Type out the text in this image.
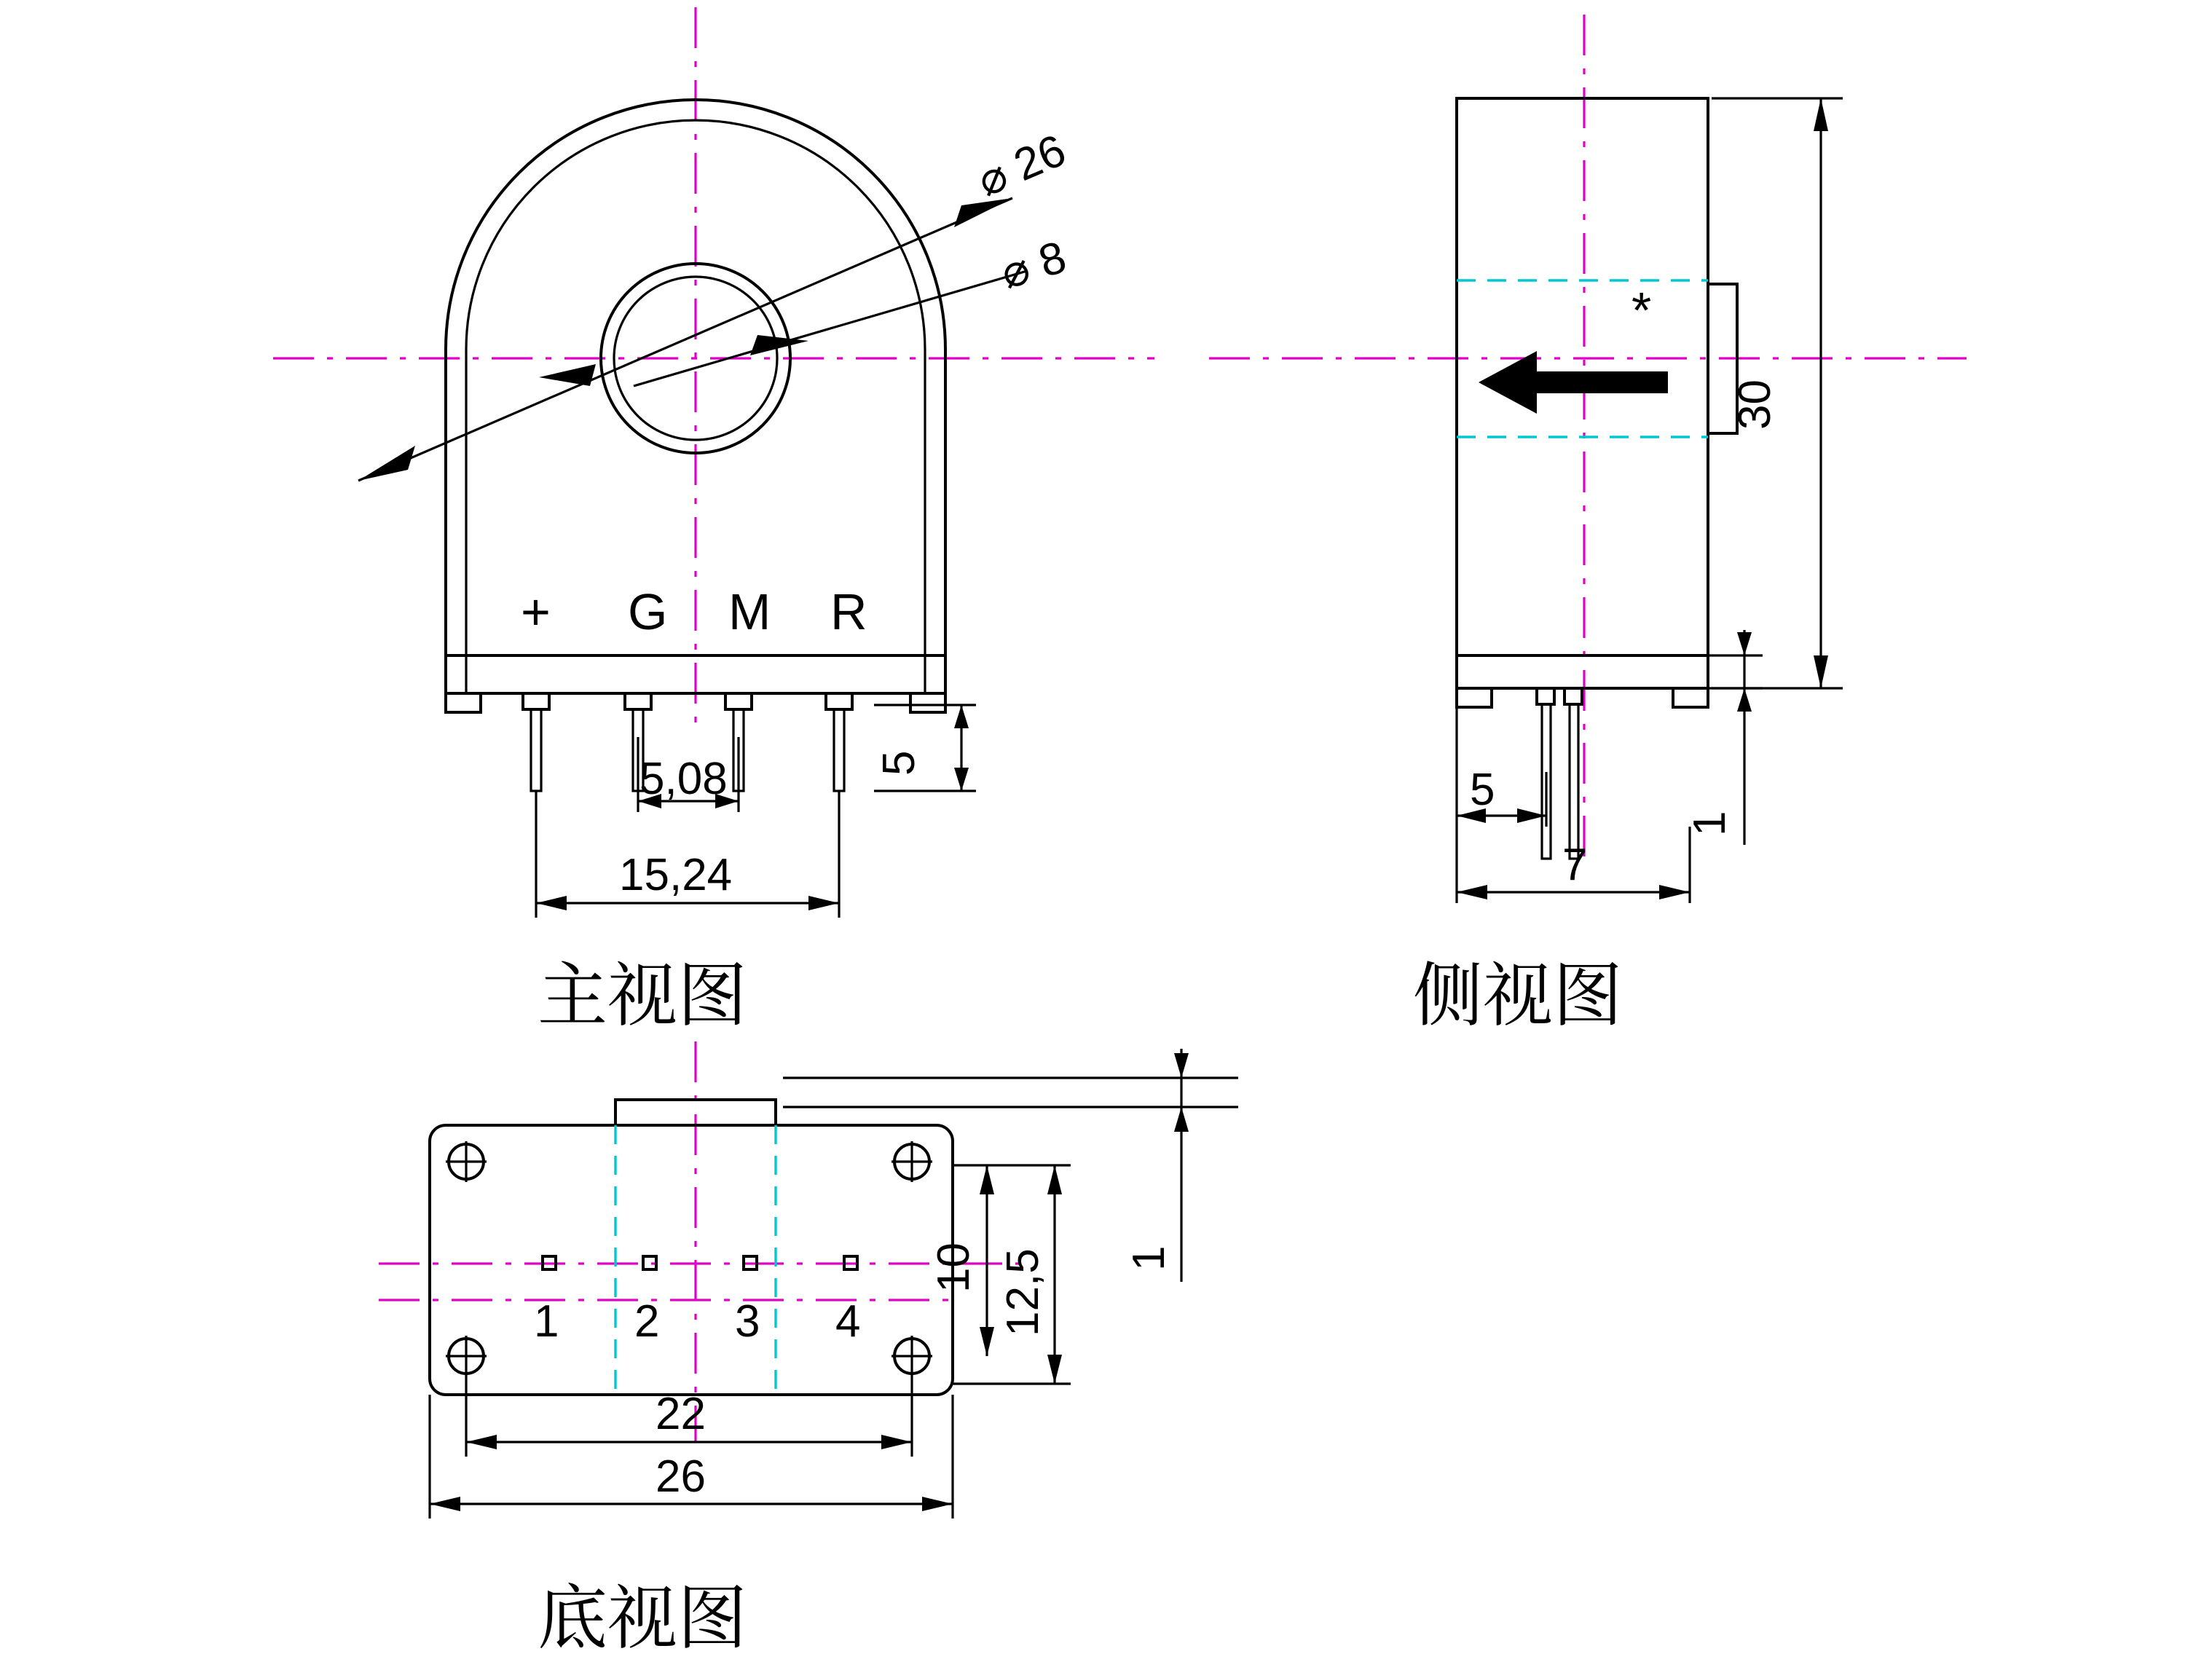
⌀ 26
⌀ 8
+ G M R
5
5,08
15,24
主视图
*
30
1
5
7
侧视图
1 2 3 4
10 12,5 1
22
26
底视图
